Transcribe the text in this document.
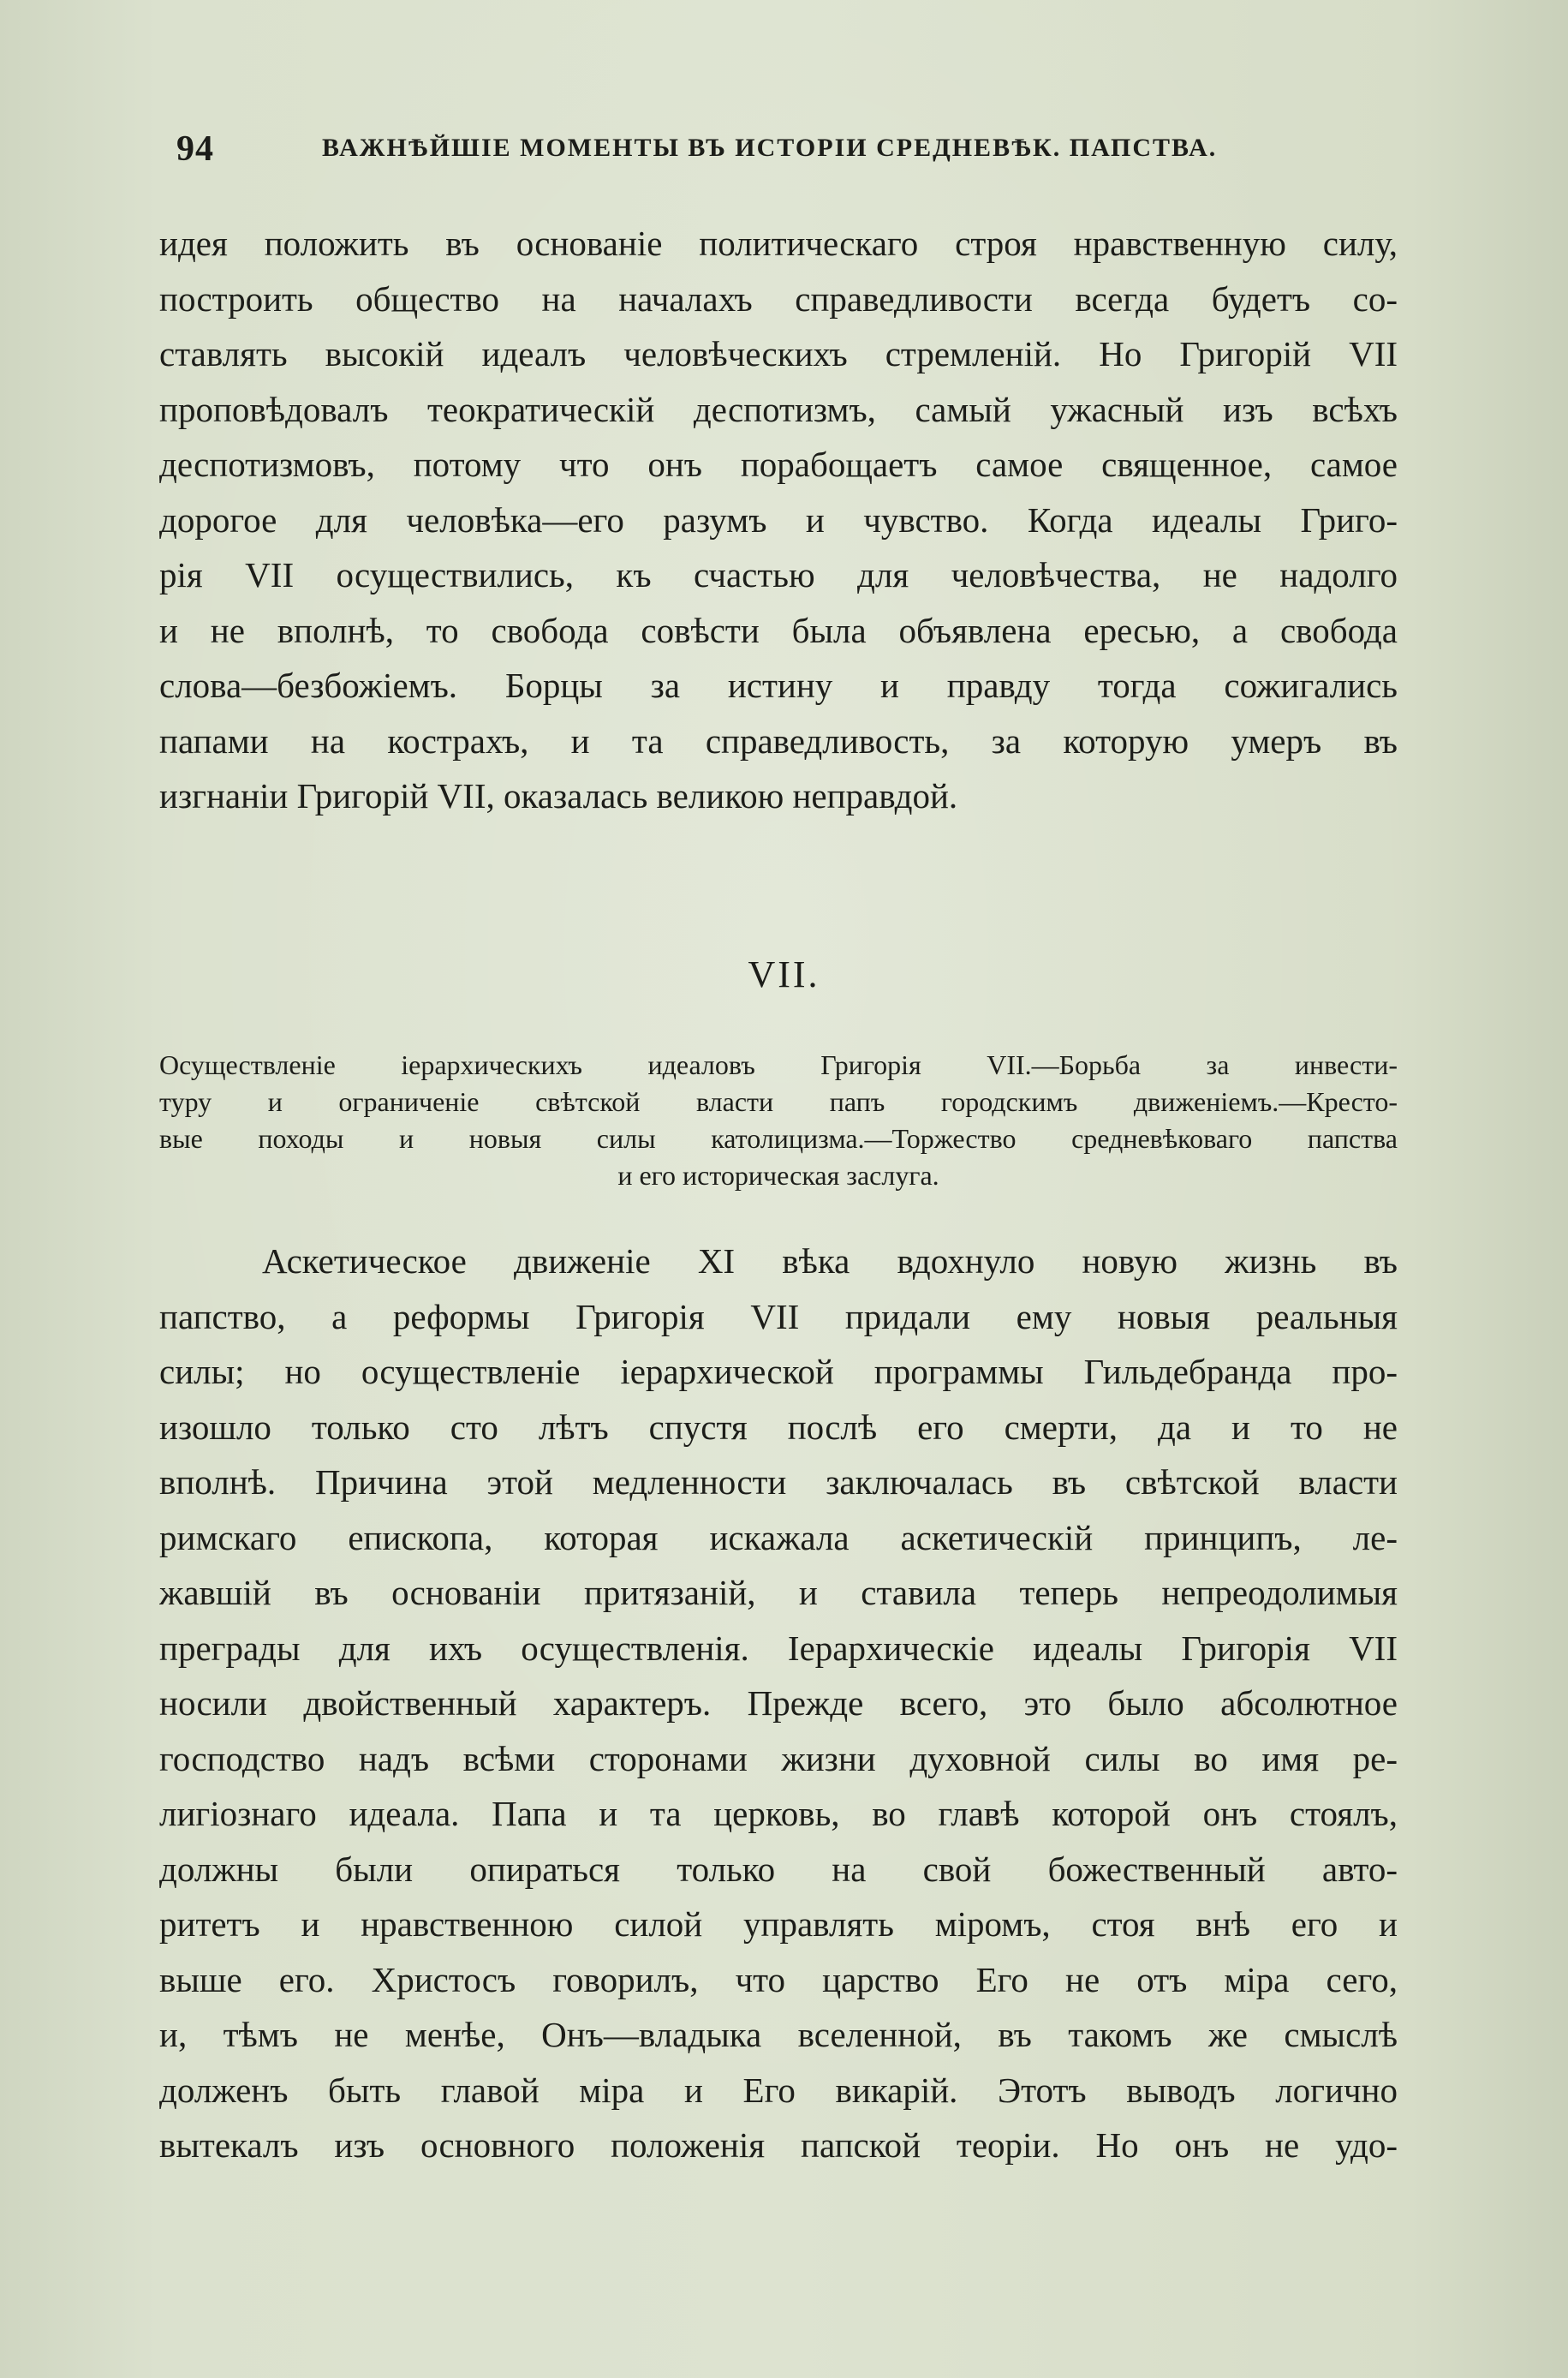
94	ВАЖНѢЙШІЕ МОМЕНТЫ ВЪ ИСТОРІИ СРЕДНЕВѢК. ПАПСТВА.
идея положить въ основаніе политическаго строя нравственную силу,
построить общество на началахъ справедливости всегда будетъ со-
ставлять высокій идеалъ человѣческихъ стремленій. Но Григорій VII
проповѣдовалъ теократическій деспотизмъ, самый ужасный изъ всѣхъ
деспотизмовъ, потому что онъ порабощаетъ самое священное, самое
дорогое для человѣка—его разумъ и чувство. Когда идеалы Григо-
рія VII осуществились, къ счастью для человѣчества, не надолго
и не вполнѣ, то свобода совѣсти была объявлена ересью, а свобода
слова—безбожіемъ. Борцы за истину и правду тогда сожигались
папами на кострахъ, и та справедливость, за которую умеръ въ
изгнаніи Григорій VII, оказалась великою неправдой.
VII.
Осуществленіе іерархическихъ идеаловъ Григорія VII.—Борьба за инвести-
туру и ограниченіе свѣтской власти папъ городскимъ движеніемъ.—Кресто-
вые походы и новыя силы католицизма.—Торжество средневѣковаго папства
и его историческая заслуга.
Аскетическое движеніе XI вѣка вдохнуло новую жизнь въ
папство, а реформы Григорія VII придали ему новыя реальныя
силы; но осуществленіе іерархической программы Гильдебранда про-
изошло только сто лѣтъ спустя послѣ его смерти, да и то не
вполнѣ. Причина этой медленности заключалась въ свѣтской власти
римскаго епископа, которая искажала аскетическій принципъ, ле-
жавшій въ основаніи притязаній, и ставила теперь непреодолимыя
преграды для ихъ осуществленія. Іерархическіе идеалы Григорія VII
носили двойственный характеръ. Прежде всего, это было абсолютное
господство надъ всѣми сторонами жизни духовной силы во имя ре-
лигіознаго идеала. Папа и та церковь, во главѣ которой онъ стоялъ,
должны были опираться только на свой божественный авто-
ритетъ и нравственною силой управлять міромъ, стоя внѣ его и
выше его. Христосъ говорилъ, что царство Его не отъ міра сего,
и, тѣмъ не менѣе, Онъ—владыка вселенной, въ такомъ же смыслѣ
долженъ быть главой міра и Его викарій. Этотъ выводъ логично
вытекалъ изъ основного положенія папской теоріи. Но онъ не удо-
